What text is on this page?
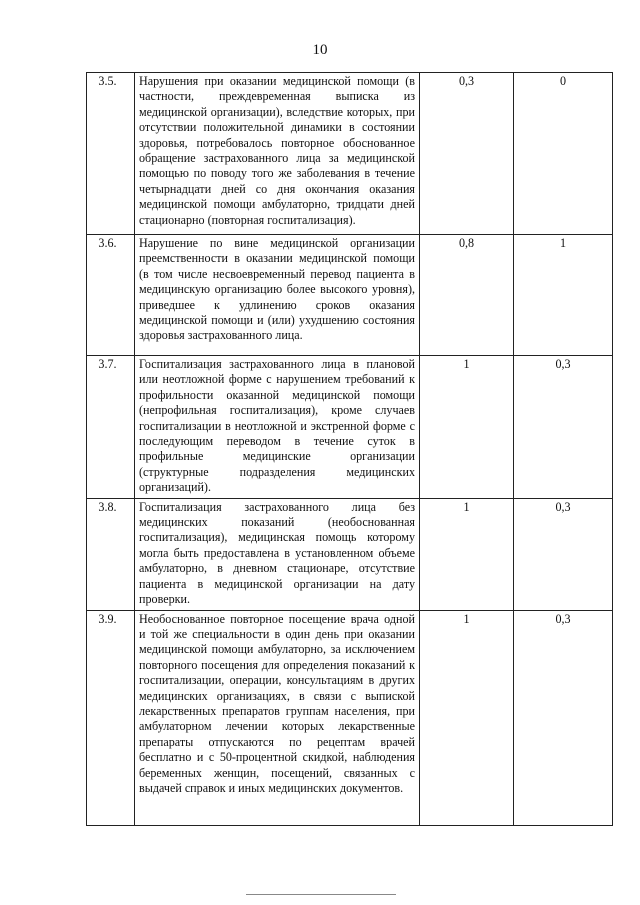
10
3.5.	Нарушения при оказании медицинской помощи (в частности, преждевременная выписка из медицинской организации), вследствие которых, при отсутствии положительной динамики в состоянии здоровья, потребовалось повторное обоснованное обращение застрахованного лица за медицинской помощью по поводу того же заболевания в течение четырнадцати дней со дня окончания оказания медицинской помощи амбулаторно, тридцати дней стационарно (повторная госпитализация).	0,3	0
3.6.	Нарушение по вине медицинской организации преемственности в оказании медицинской помощи (в том числе несвоевременный перевод пациента в медицинскую организацию более высокого уровня), приведшее к удлинению сроков оказания медицинской помощи и (или) ухудшению состояния здоровья застрахованного лица.	0,8	1
3.7.	Госпитализация застрахованного лица в плановой или неотложной форме с нарушением требований к профильности оказанной медицинской помощи (непрофильная госпитализация), кроме случаев госпитализации в неотложной и экстренной форме с последующим переводом в течение суток в профильные медицинские организации (структурные подразделения медицинских организаций).	1	0,3
3.8.	Госпитализация застрахованного лица без медицинских показаний (необоснованная госпитализация), медицинская помощь которому могла быть предоставлена в установленном объеме амбулаторно, в дневном стационаре, отсутствие пациента в медицинской организации на дату проверки.	1	0,3
3.9.	Необоснованное повторное посещение врача одной и той же специальности в один день при оказании медицинской помощи амбулаторно, за исключением повторного посещения для определения показаний к госпитализации, операции, консультациям в других медицинских организациях, в связи с выпиской лекарственных препаратов группам населения, при амбулаторном лечении которых лекарственные препараты отпускаются по рецептам врачей бесплатно и с 50-процентной скидкой, наблюдения беременных женщин, посещений, связанных с выдачей справок и иных медицинских документов.	1	0,3
